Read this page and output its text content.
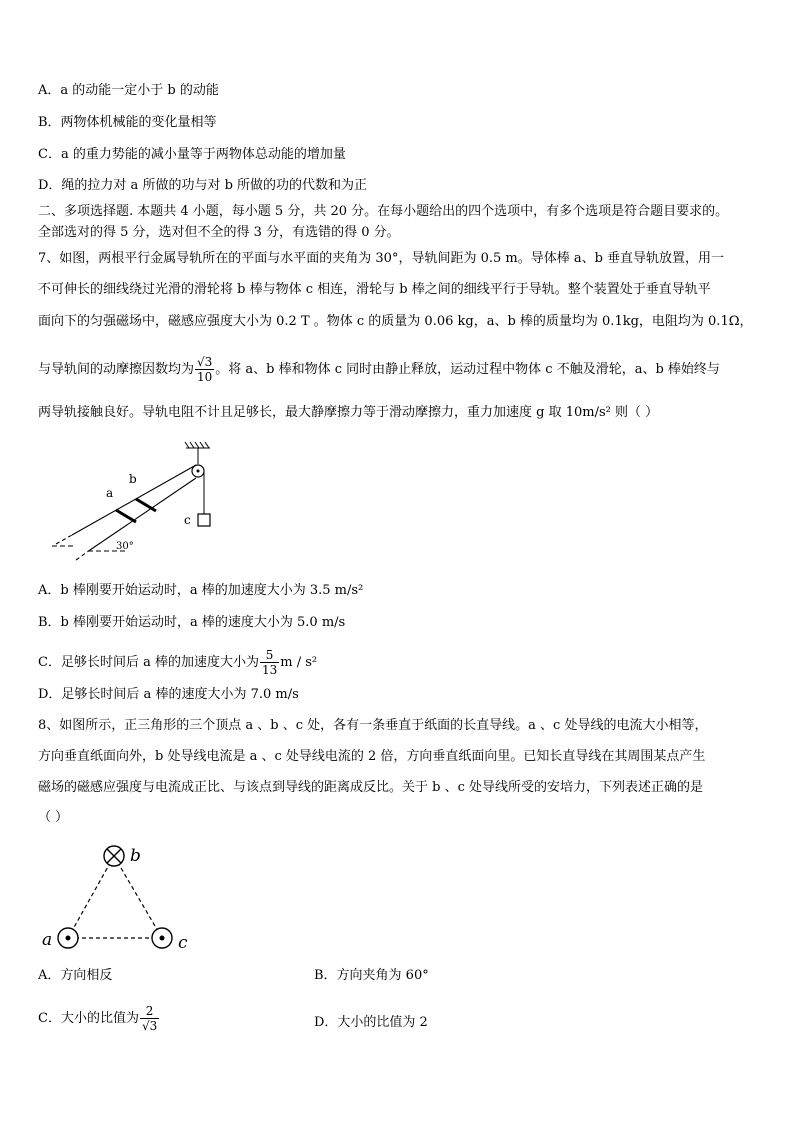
A．a 的动能一定小于 b 的动能
B．两物体机械能的变化量相等
C．a 的重力势能的减小量等于两物体总动能的增加量
D．绳的拉力对 a 所做的功与对 b 所做的功的代数和为正
二、多项选择题. 本题共 4 小题，每小题 5 分，共 20 分。在每小题给出的四个选项中，有多个选项是符合题目要求的。
全部选对的得 5 分，选对但不全的得 3 分，有选错的得 0 分。
7、如图，两根平行金属导轨所在的平面与水平面的夹角为 30°，导轨间距为 0.5 m。导体棒 a、b 垂直导轨放置，用一
不可伸长的细线绕过光滑的滑轮将 b 棒与物体 c 相连，滑轮与 b 棒之间的细线平行于导轨。整个装置处于垂直导轨平
面向下的匀强磁场中，磁感应强度大小为 0.2 T 。物体 c 的质量为 0.06 kg，a、b 棒的质量均为 0.1kg，电阻均为 0.1Ω，
与导轨间的动摩擦因数均为 $\frac{√3}{10}$ 。将 a、b 棒和物体 c 同时由静止释放，运动过程中物体 c 不触及滑轮，a、b 棒始终与
两导轨接触良好。导轨电阻不计且足够长，最大静摩擦力等于滑动摩擦力，重力加速度 g 取 10m/s² 则（ ）
a
b
c
30°
A．b 棒刚要开始运动时，a 棒的加速度大小为 3.5 m/s²
B．b 棒刚要开始运动时，a 棒的速度大小为 5.0 m/s
C．足够长时间后 a 棒的加速度大小为 $\frac{5}{13}$ m / s²
D．足够长时间后 a 棒的速度大小为 7.0 m/s
8、如图所示，正三角形的三个顶点 a 、b 、c 处，各有一条垂直于纸面的长直导线。a 、c 处导线的电流大小相等，
方向垂直纸面向外，b 处导线电流是 a 、c 处导线电流的 2 倍，方向垂直纸面向里。已知长直导线在其周围某点产生
磁场的磁感应强度与电流成正比、与该点到导线的距离成反比。关于 b 、c 处导线所受的安培力，下列表述正确的是
（ ）
b
a	c
A．方向相反	B．方向夹角为 60°
C．大小的比值为 $\frac{2}{√3}$	D．大小的比值为 2
